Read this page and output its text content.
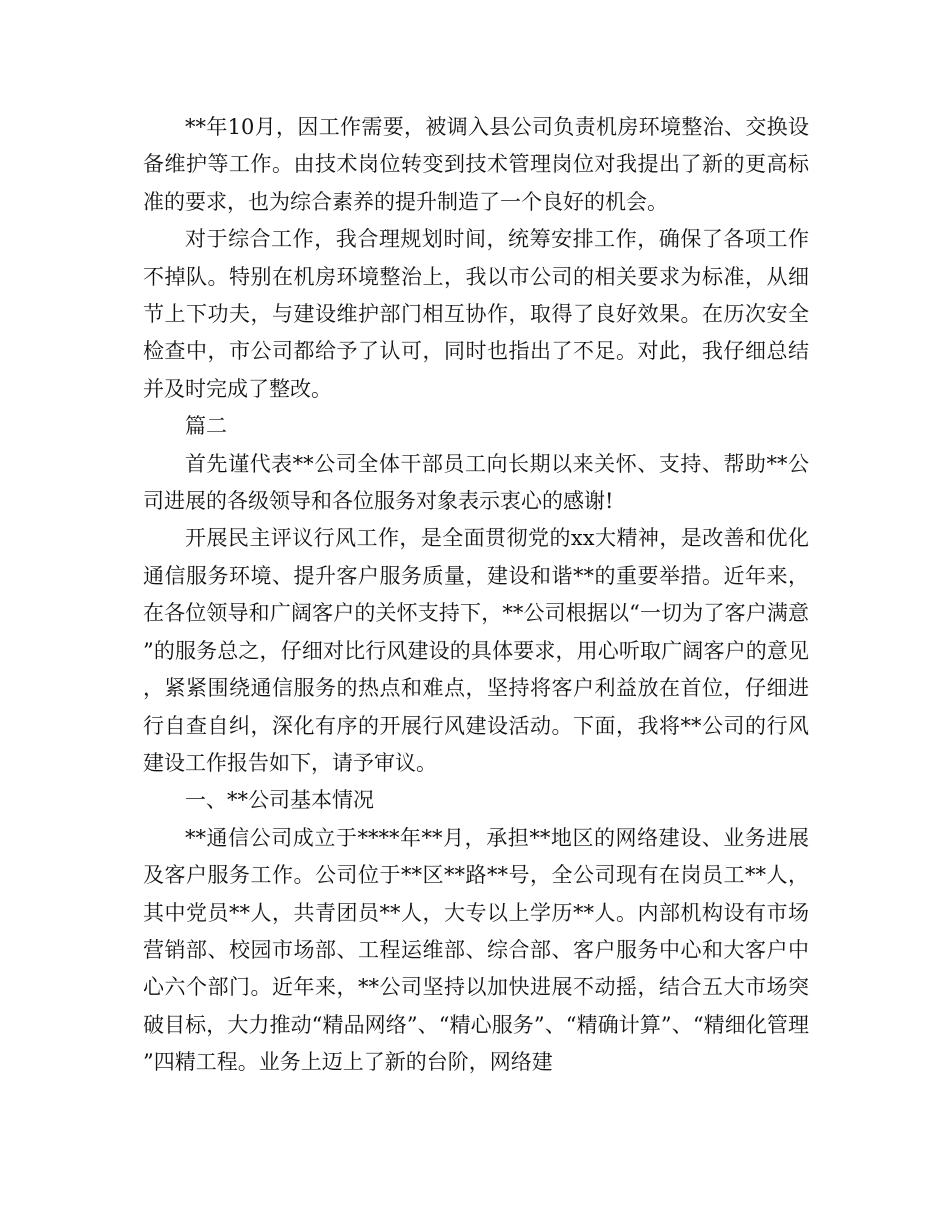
**年10月，因工作需要，被调入县公司负责机房环境整治、交换设备维护等工作。由技术岗位转变到技术管理岗位对我提出了新的更高标准的要求，也为综合素养的提升制造了一个良好的机会。

对于综合工作，我合理规划时间，统筹安排工作，确保了各项工作不掉队。特别在机房环境整治上，我以市公司的相关要求为标准，从细节上下功夫，与建设维护部门相互协作，取得了良好效果。在历次安全检查中，市公司都给予了认可，同时也指出了不足。对此，我仔细总结并及时完成了整改。

篇二

首先谨代表**公司全体干部员工向长期以来关怀、支持、帮助**公司进展的各级领导和各位服务对象表示衷心的感谢!

开展民主评议行风工作，是全面贯彻党的xx大精神，是改善和优化通信服务环境、提升客户服务质量，建设和谐**的重要举措。近年来，在各位领导和广阔客户的关怀支持下，**公司根据以“一切为了客户满意”的服务总之，仔细对比行风建设的具体要求，用心听取广阔客户的意见，紧紧围绕通信服务的热点和难点，坚持将客户利益放在首位，仔细进行自查自纠，深化有序的开展行风建设活动。下面，我将**公司的行风建设工作报告如下，请予审议。

一、**公司基本情况

**通信公司成立于****年**月，承担**地区的网络建设、业务进展及客户服务工作。公司位于**区**路**号，全公司现有在岗员工**人，其中党员**人，共青团员**人，大专以上学历**人。内部机构设有市场营销部、校园市场部、工程运维部、综合部、客户服务中心和大客户中心六个部门。近年来，**公司坚持以加快进展不动摇，结合五大市场突破目标，大力推动“精品网络”、“精心服务”、“精确计算”、“精细化管理”四精工程。业务上迈上了新的台阶，网络建
